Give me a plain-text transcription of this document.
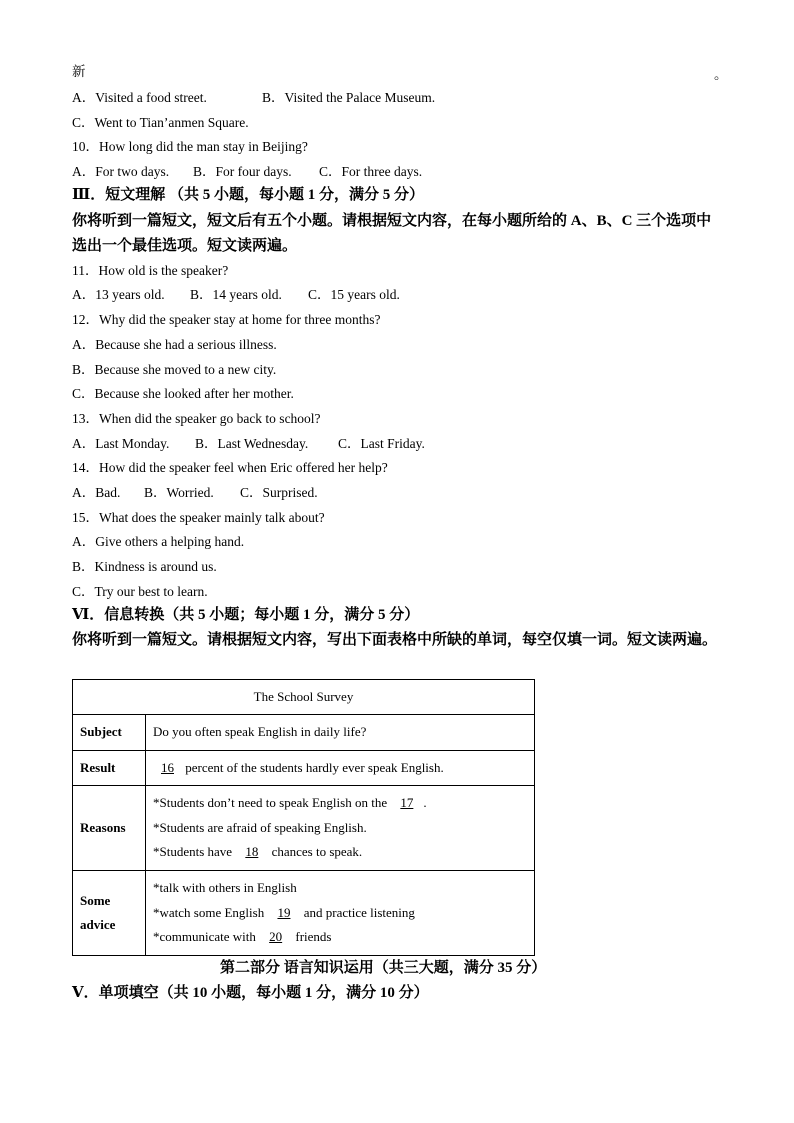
新	。
A．Visited a food street.	B．Visited the Palace Museum.
C．Went to Tian’anmen Square.
10．How long did the man stay in Beijing?
A．For two days. B．For four days. C．For three days.
Ⅲ．短文理解 （共 5 小题，每小题 1 分，满分 5 分）
你将听到一篇短文，短文后有五个小题。请根据短文内容，在每小题所给的 A、B、C 三个选项中选出一个最佳选项。短文读两遍。
11．How old is the speaker?
A．13 years old. B．14 years old. C．15 years old.
12．Why did the speaker stay at home for three months?
A．Because she had a serious illness.
B．Because she moved to a new city.
C．Because she looked after her mother.
13．When did the speaker go back to school?
A．Last Monday. B．Last Wednesday. C．Last Friday.
14．How did the speaker feel when Eric offered her help?
A．Bad. B．Worried. C．Surprised.
15．What does the speaker mainly talk about?
A．Give others a helping hand.
B．Kindness is around us.
C．Try our best to learn.
Ⅵ．信息转换（共 5 小题；每小题 1 分，满分 5 分）
你将听到一篇短文。请根据短文内容，写出下面表格中所缺的单词，每空仅填一词。短文读两遍。
The School Survey	
Subject	Do you often speak English in daily life?
Result	16 percent of the students hardly ever speak English.
Reasons	*Students don’t need to speak English on the 17 .
*Students are afraid of speaking English.
*Students have 18 chances to speak.

Some
advice	*talk with others in English
*watch some English 19 and practice listening
*communicate with 20 friends
第二部分 语言知识运用（共三大题，满分 35 分）
Ⅴ．单项填空（共 10 小题，每小题 1 分，满分 10 分）
